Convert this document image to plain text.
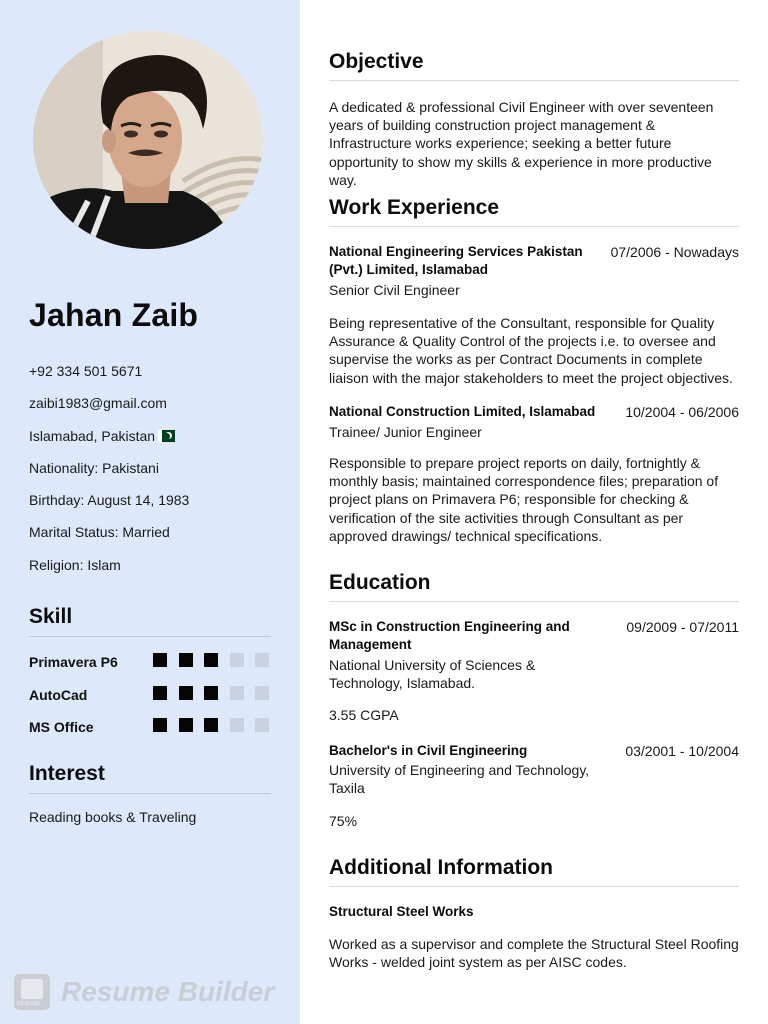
Jahan Zaib
+92 334 501 5671
zaibi1983@gmail.com
Islamabad, Pakistan
Nationality: Pakistani
Birthday: August 14, 1983
Marital Status: Married
Religion: Islam
Skill
Primavera P6
AutoCad
MS Office
Interest
Reading books & Traveling
RESUME
Resume Builder
Objective
A dedicated & professional Civil Engineer with over seventeen years of building construction project management & Infrastructure works experience; seeking a better future opportunity to show my skills & experience in more productive way.
Work Experience
National Engineering Services Pakistan (Pvt.) Limited, Islamabad
07/2006 - Nowadays
Senior Civil Engineer
Being representative of the Consultant, responsible for Quality Assurance & Quality Control of the projects i.e. to oversee and supervise the works as per Contract Documents in complete liaison with the major stakeholders to meet the project objectives.
National Construction Limited, Islamabad	10/2004 - 06/2006
Trainee/ Junior Engineer
Responsible to prepare project reports on daily, fortnightly & monthly basis; maintained correspondence files; preparation of project plans on Primavera P6; responsible for checking & verification of the site activities through Consultant as per approved drawings/ technical specifications.
Education
MSc in Construction Engineering and Management
09/2009 - 07/2011
National University of Sciences & Technology, Islamabad.
3.55 CGPA
Bachelor's in Civil Engineering	03/2001 - 10/2004
University of Engineering and Technology, Taxila
75%
Additional Information
Structural Steel Works
Worked as a supervisor and complete the Structural Steel Roofing Works - welded joint system as per AISC codes.
